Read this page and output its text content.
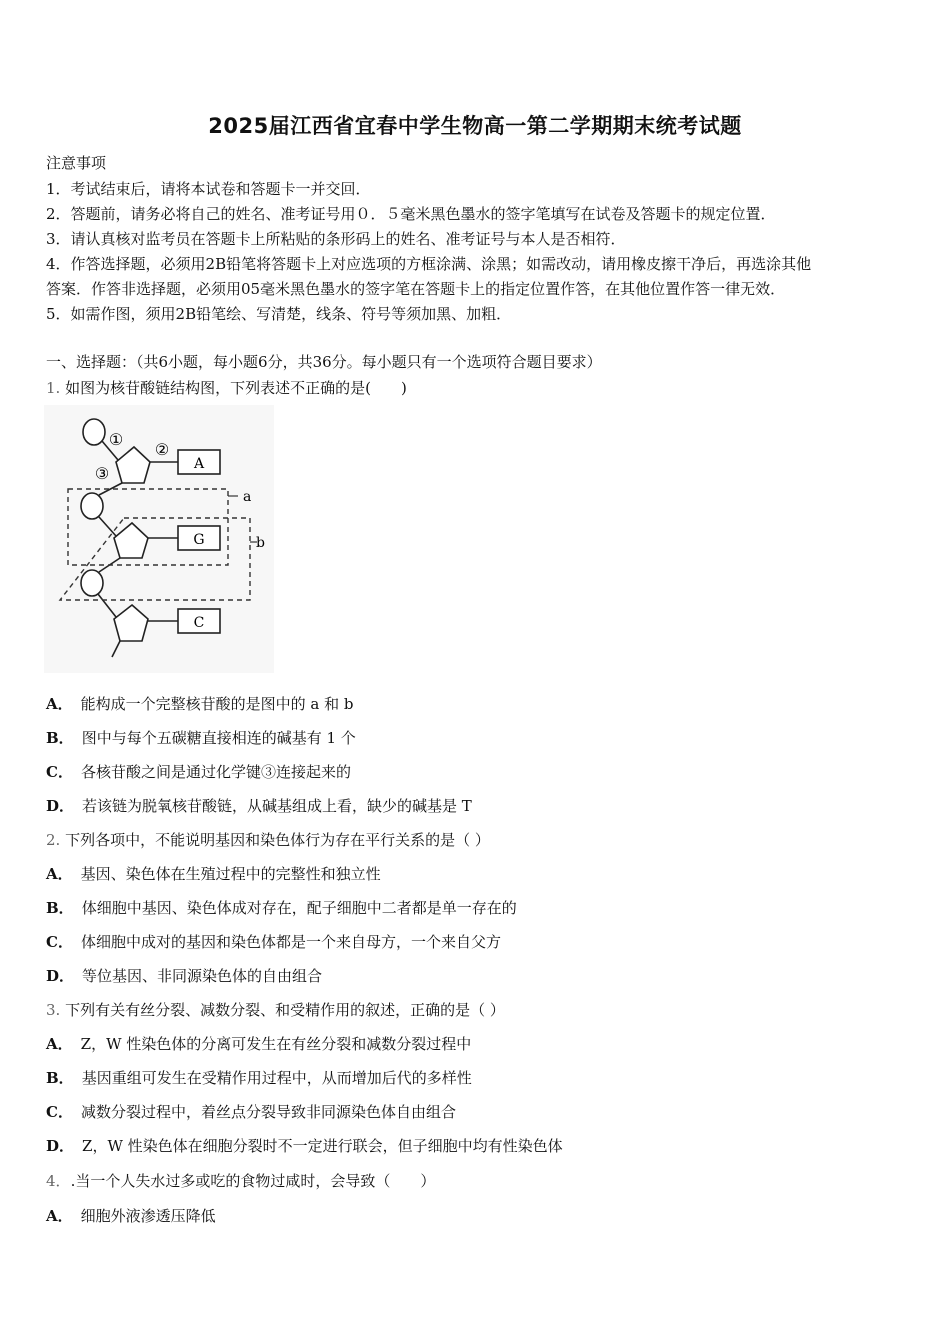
2025届江西省宜春中学生物高一第二学期期末统考试题
注意事项
1．考试结束后，请将本试卷和答题卡一并交回．
2．答题前，请务必将自己的姓名、准考证号用０．５毫米黑色墨水的签字笔填写在试卷及答题卡的规定位置．
3．请认真核对监考员在答题卡上所粘贴的条形码上的姓名、准考证号与本人是否相符．
4．作答选择题，必须用2B铅笔将答题卡上对应选项的方框涂满、涂黑；如需改动，请用橡皮擦干净后，再选涂其他
答案．作答非选择题，必须用05毫米黑色墨水的签字笔在答题卡上的指定位置作答，在其他位置作答一律无效．
5．如需作图，须用2B铅笔绘、写清楚，线条、符号等须加黑、加粗．
一、选择题：（共6小题，每小题6分，共36分。每小题只有一个选项符合题目要求）
1. 如图为核苷酸链结构图，下列表述不正确的是(　　)
A
G
C
①
②
③
a
b
A． 能构成一个完整核苷酸的是图中的 a 和 b
B． 图中与每个五碳糖直接相连的碱基有 1 个
C． 各核苷酸之间是通过化学键③连接起来的
D． 若该链为脱氧核苷酸链，从碱基组成上看，缺少的碱基是 T
2. 下列各项中，不能说明基因和染色体行为存在平行关系的是（ ）
A． 基因、染色体在生殖过程中的完整性和独立性
B． 体细胞中基因、染色体成对存在，配子细胞中二者都是单一存在的
C． 体细胞中成对的基因和染色体都是一个来自母方，一个来自父方
D． 等位基因、非同源染色体的自由组合
3. 下列有关有丝分裂、减数分裂、和受精作用的叙述，正确的是（ ）
A． Z，W 性染色体的分离可发生在有丝分裂和减数分裂过程中
B． 基因重组可发生在受精作用过程中，从而增加后代的多样性
C． 减数分裂过程中，着丝点分裂导致非同源染色体自由组合
D． Z，W 性染色体在细胞分裂时不一定进行联会，但子细胞中均有性染色体
4．.当一个人失水过多或吃的食物过咸时，会导致（　　）
A． 细胞外液渗透压降低
